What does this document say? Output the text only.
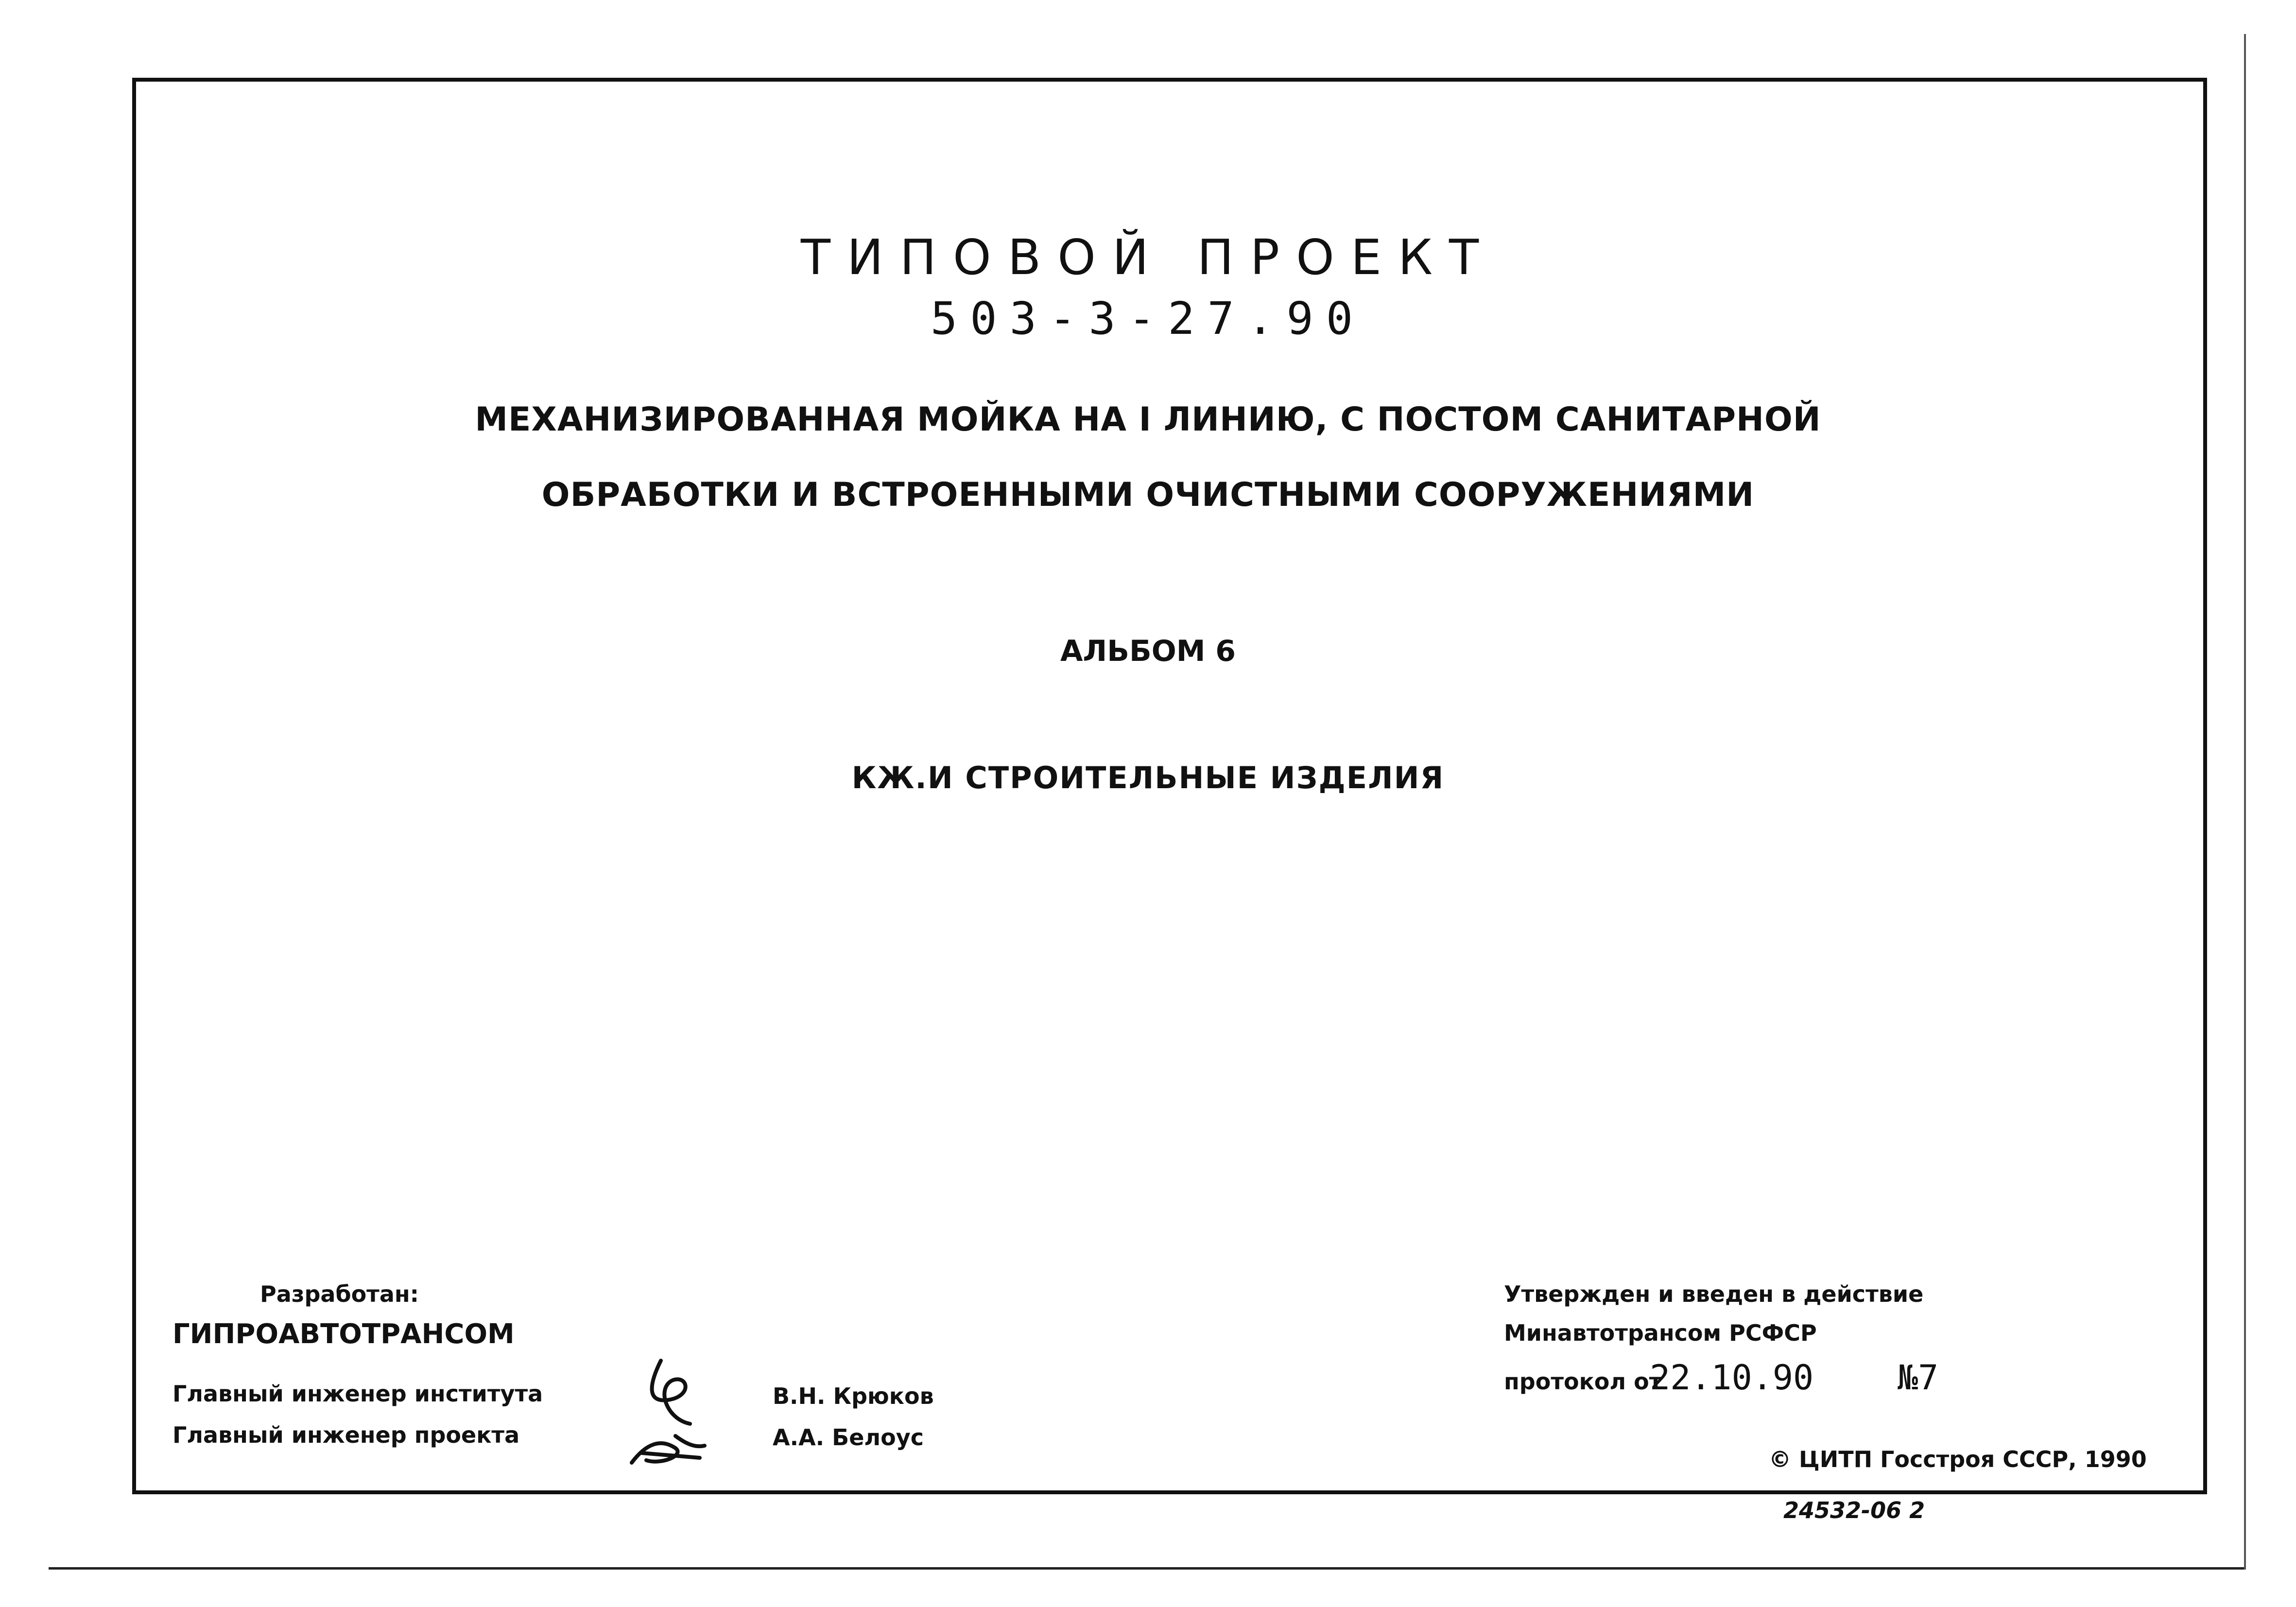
ТИПОВОЙ ПРОЕКТ
503-3-27.90
МЕХАНИЗИРОВАННАЯ МОЙКА НА I ЛИНИЮ, С ПОСТОМ САНИТАРНОЙ
ОБРАБОТКИ И ВСТРОЕННЫМИ ОЧИСТНЫМИ СООРУЖЕНИЯМИ
АЛЬБОМ 6
КЖ.И СТРОИТЕЛЬНЫЕ ИЗДЕЛИЯ
Разработан:
ГИПРОАВТОТРАНСОМ
Главный инженер института
Главный инженер проекта
В.Н. Крюков
А.А. Белоус
Утвержден и введен в действие
Минавтотрансом РСФСР
протокол от
22.10.90 №7
© ЦИТП Госстроя СССР, 1990
24532-06 2
